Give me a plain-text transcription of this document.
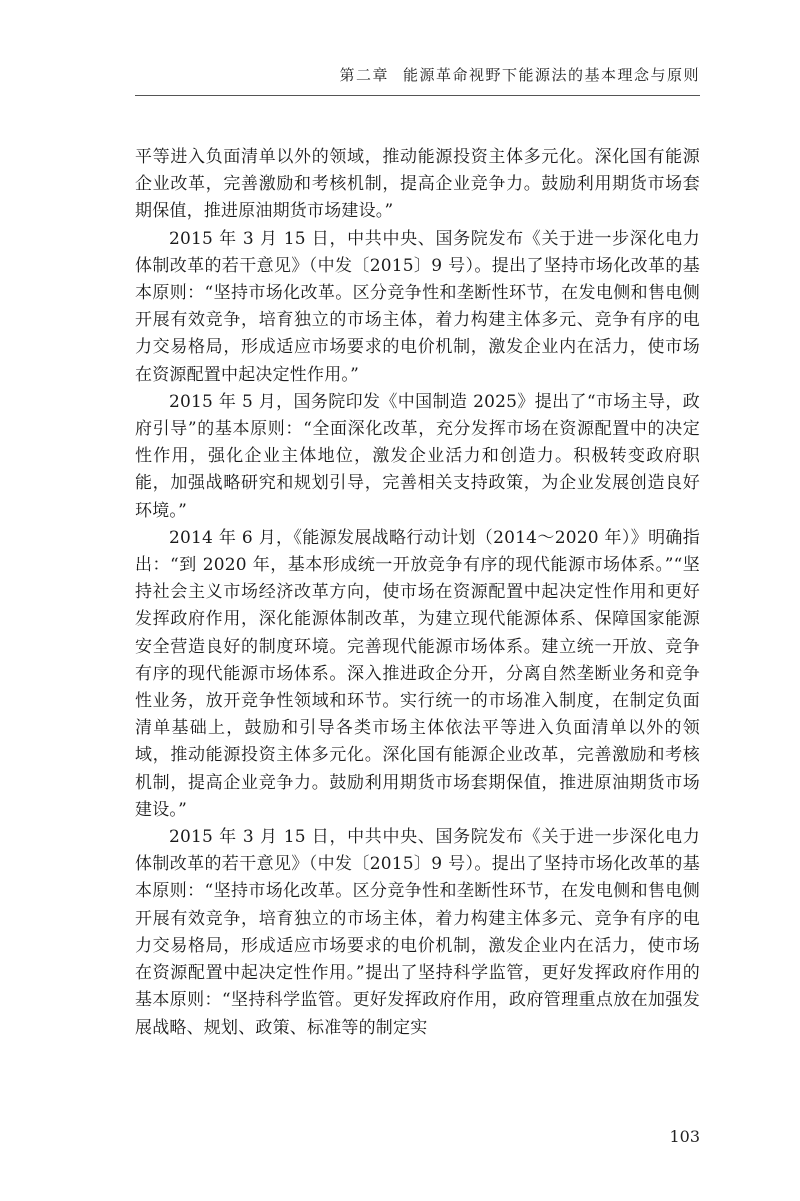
第二章 能源革命视野下能源法的基本理念与原则

平等进入负面清单以外的领域，推动能源投资主体多元化。深化国有能源企业改革，完善激励和考核机制，提高企业竞争力。鼓励利用期货市场套期保值，推进原油期货市场建设。”

2015 年 3 月 15 日，中共中央、国务院发布《关于进一步深化电力体制改革的若干意见》（中发〔2015〕9 号）。提出了坚持市场化改革的基本原则：“坚持市场化改革。区分竞争性和垄断性环节，在发电侧和售电侧开展有效竞争，培育独立的市场主体，着力构建主体多元、竞争有序的电力交易格局，形成适应市场要求的电价机制，激发企业内在活力，使市场在资源配置中起决定性作用。”

2015 年 5 月，国务院印发《中国制造 2025》提出了“市场主导，政府引导”的基本原则：“全面深化改革，充分发挥市场在资源配置中的决定性作用，强化企业主体地位，激发企业活力和创造力。积极转变政府职能，加强战略研究和规划引导，完善相关支持政策，为企业发展创造良好环境。”

2014 年 6 月，《能源发展战略行动计划（2014～2020 年）》明确指出：“到 2020 年，基本形成统一开放竞争有序的现代能源市场体系。”“坚持社会主义市场经济改革方向，使市场在资源配置中起决定性作用和更好发挥政府作用，深化能源体制改革，为建立现代能源体系、保障国家能源安全营造良好的制度环境。完善现代能源市场体系。建立统一开放、竞争有序的现代能源市场体系。深入推进政企分开，分离自然垄断业务和竞争性业务，放开竞争性领域和环节。实行统一的市场准入制度，在制定负面清单基础上，鼓励和引导各类市场主体依法平等进入负面清单以外的领域，推动能源投资主体多元化。深化国有能源企业改革，完善激励和考核机制，提高企业竞争力。鼓励利用期货市场套期保值，推进原油期货市场建设。”

2015 年 3 月 15 日，中共中央、国务院发布《关于进一步深化电力体制改革的若干意见》（中发〔2015〕9 号）。提出了坚持市场化改革的基本原则：“坚持市场化改革。区分竞争性和垄断性环节，在发电侧和售电侧开展有效竞争，培育独立的市场主体，着力构建主体多元、竞争有序的电力交易格局，形成适应市场要求的电价机制，激发企业内在活力，使市场在资源配置中起决定性作用。”提出了坚持科学监管，更好发挥政府作用的基本原则：“坚持科学监管。更好发挥政府作用，政府管理重点放在加强发展战略、规划、政策、标准等的制定实

103
